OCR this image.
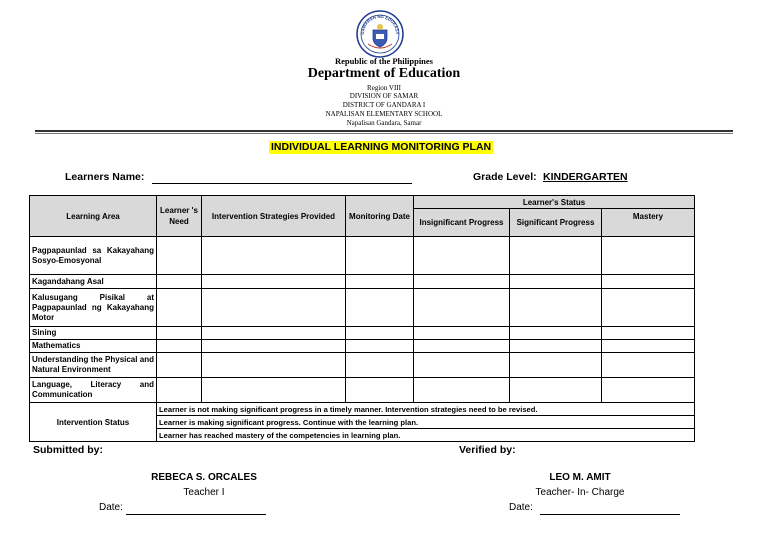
GAWARAN NG EDUKASY
Republic of the Philippines
Department of Education
Region VIII
DIVISION OF SAMAR
DISTRICT OF GANDARA I
NAPALISAN ELEMENTARY SCHOOL
Napalisan Gandara, Samar
INDIVIDUAL LEARNING MONITORING PLAN
Learners Name:	Grade Level: KINDERGARTEN
Learning Area	Learner 's Need	Intervention Strategies Provided	Monitoring Date	Learner's Status		
				Insignificant Progress	Significant Progress	Mastery
Pagpapaunlad sa Kakayahang Sosyo-Emosyonal						
Kagandahang Asal						
Kalusugang Pisikal at Pagpapaunlad ng Kakayahang Motor						
Sining						
Mathematics						
Understanding the Physical and Natural Environment						
Language, Literacy and Communication						
Intervention Status	Learner is not making significant progress in a timely manner. Intervention strategies need to be revised.					
	Learner is making significant progress. Continue with the learning plan.					
	Learner has reached mastery of the competencies in learning plan.					
Submitted by:	Verified by:
REBECA S. ORCALES
Teacher I
LEO M. AMIT
Teacher- In- Charge
Date:	Date:
